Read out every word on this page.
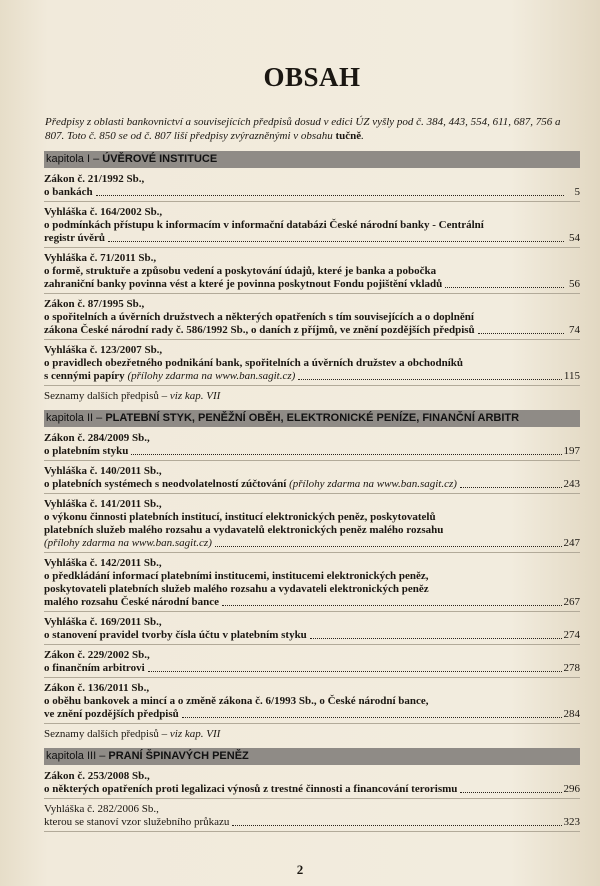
OBSAH

Předpisy z oblasti bankovnictví a souvisejících předpisů dosud v edici ÚZ vyšly pod č. 384, 443, 554, 611, 687, 756 a 807. Toto č. 850 se od č. 807 liší předpisy zvýrazněnými v obsahu tučně.

kapitola I – ÚVĚROVÉ INSTITUCE
Zákon č. 21/1992 Sb.,
o bankách	5
Vyhláška č. 164/2002 Sb.,
o podmínkách přístupu k informacím v informační databázi České národní banky - Centrální
registr úvěrů	54
Vyhláška č. 71/2011 Sb.,
o formě, struktuře a způsobu vedení a poskytování údajů, které je banka a pobočka
zahraniční banky povinna vést a které je povinna poskytnout Fondu pojištění vkladů	56
Zákon č. 87/1995 Sb.,
o spořitelních a úvěrních družstvech a některých opatřeních s tím souvisejících a o doplnění
zákona České národní rady č. 586/1992 Sb., o daních z příjmů, ve znění pozdějších předpisů	74
Vyhláška č. 123/2007 Sb.,
o pravidlech obezřetného podnikání bank, spořitelních a úvěrních družstev a obchodníků
s cennými papíry (přílohy zdarma na www.ban.sagit.cz)	115
Seznamy dalších předpisů – viz kap. VII
kapitola II – PLATEBNÍ STYK, PENĚŽNÍ OBĚH, ELEKTRONICKÉ PENÍZE, FINANČNÍ ARBITR
Zákon č. 284/2009 Sb.,
o platebním styku	197
Vyhláška č. 140/2011 Sb.,
o platebních systémech s neodvolatelností zúčtování (přílohy zdarma na www.ban.sagit.cz)	243
Vyhláška č. 141/2011 Sb.,
o výkonu činnosti platebních institucí, institucí elektronických peněz, poskytovatelů
platebních služeb malého rozsahu a vydavatelů elektronických peněz malého rozsahu
(přílohy zdarma na www.ban.sagit.cz)	247
Vyhláška č. 142/2011 Sb.,
o předkládání informací platebními institucemi, institucemi elektronických peněz,
poskytovateli platebních služeb malého rozsahu a vydavateli elektronických peněz
malého rozsahu České národní bance	267
Vyhláška č. 169/2011 Sb.,
o stanovení pravidel tvorby čísla účtu v platebním styku	274
Zákon č. 229/2002 Sb.,
o finančním arbitrovi	278
Zákon č. 136/2011 Sb.,
o oběhu bankovek a mincí a o změně zákona č. 6/1993 Sb., o České národní bance,
ve znění pozdějších předpisů	284
Seznamy dalších předpisů – viz kap. VII
kapitola III – PRANÍ ŠPINAVÝCH PENĚZ
Zákon č. 253/2008 Sb.,
o některých opatřeních proti legalizaci výnosů z trestné činnosti a financování terorismu	296
Vyhláška č. 282/2006 Sb.,
kterou se stanoví vzor služebního průkazu	323
2
